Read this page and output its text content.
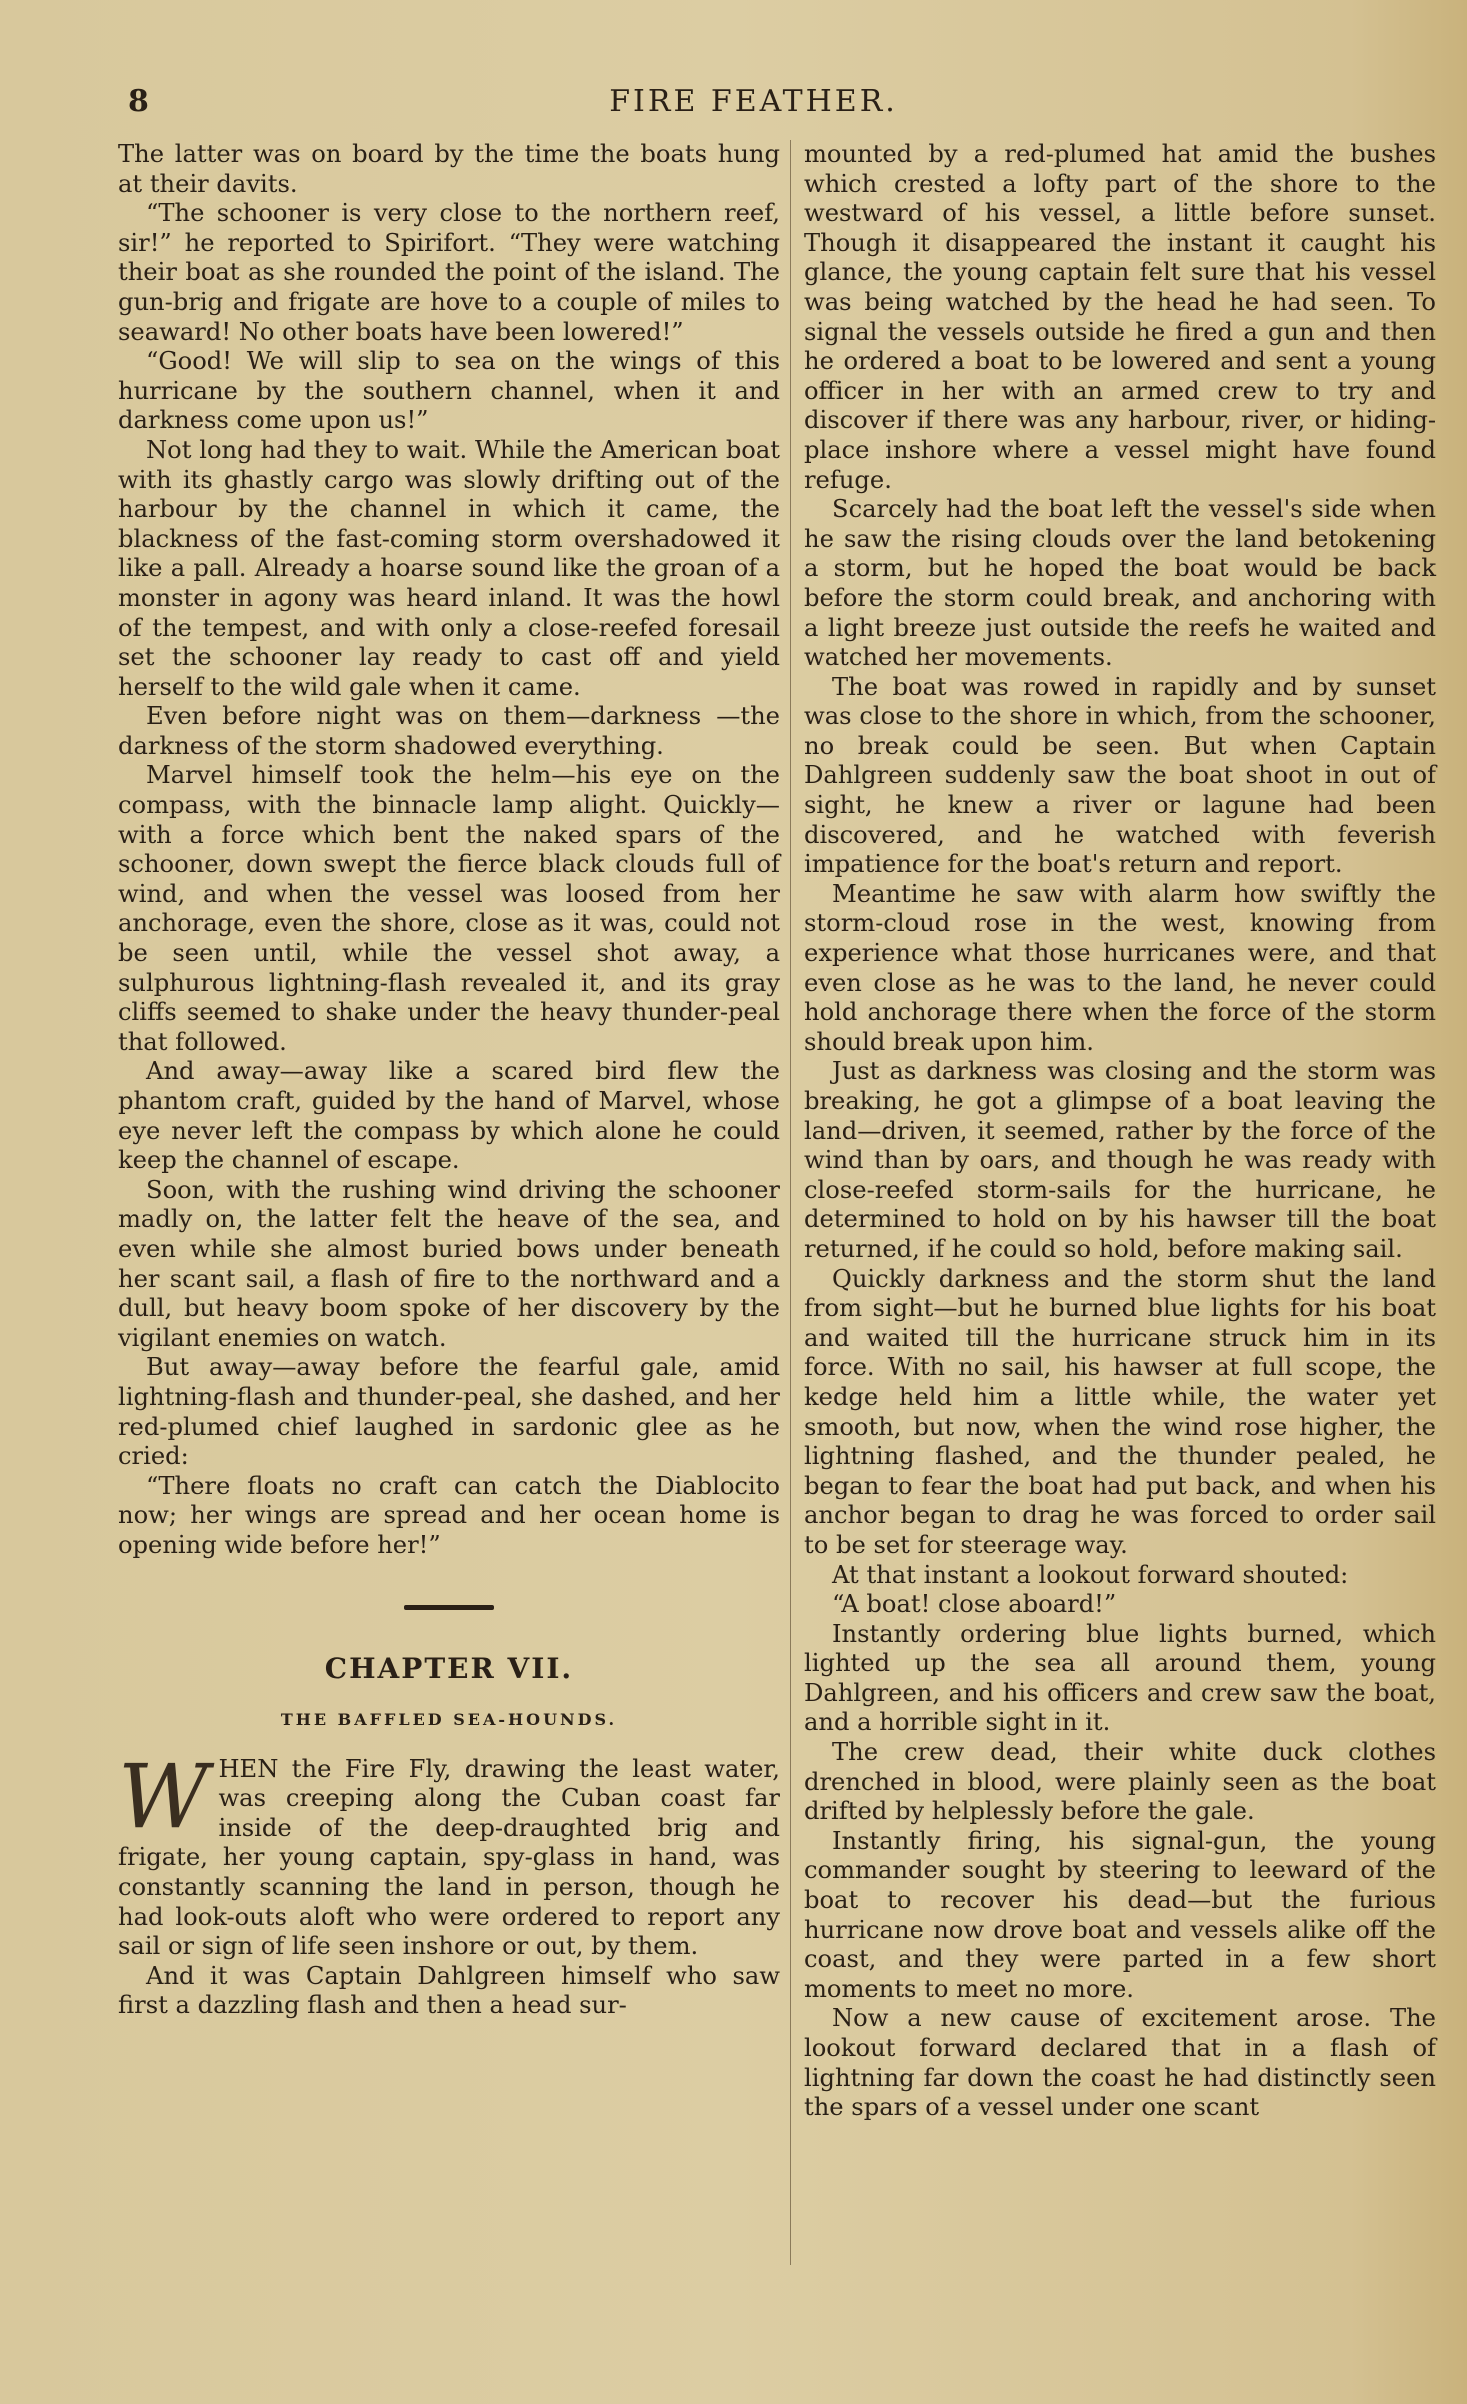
8	FIRE FEATHER.

The latter was on board by the time the boats hung at their davits.

“The schooner is very close to the northern reef, sir!” he reported to Spirifort. “They were watching their boat as she rounded the point of the island. The gun-brig and frigate are hove to a couple of miles to seaward! No other boats have been lowered!”

“Good! We will slip to sea on the wings of this hurricane by the southern channel, when it and darkness come upon us!”

Not long had they to wait. While the American boat with its ghastly cargo was slowly drifting out of the harbour by the channel in which it came, the blackness of the fast-coming storm overshadowed it like a pall. Already a hoarse sound like the groan of a monster in agony was heard inland. It was the howl of the tempest, and with only a close-reefed foresail set the schooner lay ready to cast off and yield herself to the wild gale when it came.

Even before night was on them—darkness —the darkness of the storm shadowed everything.

Marvel himself took the helm—his eye on the compass, with the binnacle lamp alight. Quickly—with a force which bent the naked spars of the schooner, down swept the fierce black clouds full of wind, and when the vessel was loosed from her anchorage, even the shore, close as it was, could not be seen until, while the vessel shot away, a sulphurous lightning-flash revealed it, and its gray cliffs seemed to shake under the heavy thunder-peal that followed.

And away—away like a scared bird flew the phantom craft, guided by the hand of Marvel, whose eye never left the compass by which alone he could keep the channel of escape.

Soon, with the rushing wind driving the schooner madly on, the latter felt the heave of the sea, and even while she almost buried bows under beneath her scant sail, a flash of fire to the northward and a dull, but heavy boom spoke of her discovery by the vigilant enemies on watch.

But away—away before the fearful gale, amid lightning-flash and thunder-peal, she dashed, and her red-plumed chief laughed in sardonic glee as he cried:

“There floats no craft can catch the Diablocito now; her wings are spread and her ocean home is opening wide before her!”

CHAPTER VII.
THE BAFFLED SEA-HOUNDS.
W HEN the Fire Fly, drawing the least water, was creeping along the Cuban coast far inside of the deep-draughted brig and frigate, her young captain, spy-glass in hand, was constantly scanning the land in person, though he had look-outs aloft who were ordered to report any sail or sign of life seen inshore or out, by them.

And it was Captain Dahlgreen himself who saw first a dazzling flash and then a head sur-

mounted by a red-plumed hat amid the bushes which crested a lofty part of the shore to the westward of his vessel, a little before sunset. Though it disappeared the instant it caught his glance, the young captain felt sure that his vessel was being watched by the head he had seen. To signal the vessels outside he fired a gun and then he ordered a boat to be lowered and sent a young officer in her with an armed crew to try and discover if there was any harbour, river, or hiding-place inshore where a vessel might have found refuge.

Scarcely had the boat left the vessel's side when he saw the rising clouds over the land betokening a storm, but he hoped the boat would be back before the storm could break, and anchoring with a light breeze just outside the reefs he waited and watched her movements.

The boat was rowed in rapidly and by sunset was close to the shore in which, from the schooner, no break could be seen. But when Captain Dahlgreen suddenly saw the boat shoot in out of sight, he knew a river or lagune had been discovered, and he watched with feverish impatience for the boat's return and report.

Meantime he saw with alarm how swiftly the storm-cloud rose in the west, knowing from experience what those hurricanes were, and that even close as he was to the land, he never could hold anchorage there when the force of the storm should break upon him.

Just as darkness was closing and the storm was breaking, he got a glimpse of a boat leaving the land—driven, it seemed, rather by the force of the wind than by oars, and though he was ready with close-reefed storm-sails for the hurricane, he determined to hold on by his hawser till the boat returned, if he could so hold, before making sail.

Quickly darkness and the storm shut the land from sight—but he burned blue lights for his boat and waited till the hurricane struck him in its force. With no sail, his hawser at full scope, the kedge held him a little while, the water yet smooth, but now, when the wind rose higher, the lightning flashed, and the thunder pealed, he began to fear the boat had put back, and when his anchor began to drag he was forced to order sail to be set for steerage way.

At that instant a lookout forward shouted:

“A boat! close aboard!”

Instantly ordering blue lights burned, which lighted up the sea all around them, young Dahlgreen, and his officers and crew saw the boat, and a horrible sight in it.

The crew dead, their white duck clothes drenched in blood, were plainly seen as the boat drifted by helplessly before the gale.

Instantly firing, his signal-gun, the young commander sought by steering to leeward of the boat to recover his dead—but the furious hurricane now drove boat and vessels alike off the coast, and they were parted in a few short moments to meet no more.

Now a new cause of excitement arose. The lookout forward declared that in a flash of lightning far down the coast he had distinctly seen the spars of a vessel under one scant
